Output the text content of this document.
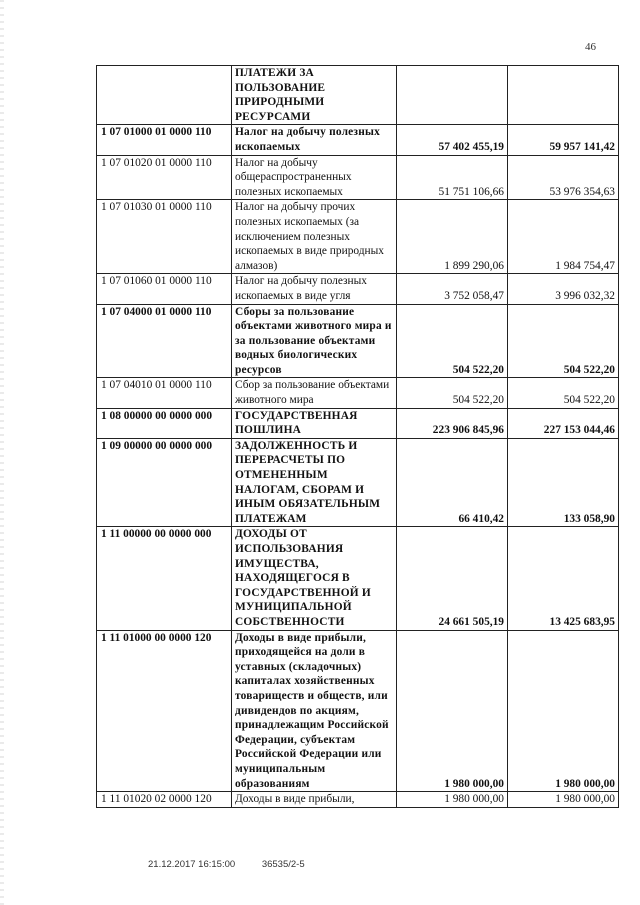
46
	ПЛАТЕЖИ ЗА ПОЛЬЗОВАНИЕ ПРИРОДНЫМИ РЕСУРСАМИ		
1 07 01000 01 0000 110	Налог на добычу полезных ископаемых	57 402 455,19	59 957 141,42
1 07 01020 01 0000 110	Налог на добычу общераспространенных полезных ископаемых	51 751 106,66	53 976 354,63
1 07 01030 01 0000 110	Налог на добычу прочих полезных ископаемых (за исключением полезных ископаемых в виде природных алмазов)	1 899 290,06	1 984 754,47
1 07 01060 01 0000 110	Налог на добычу полезных ископаемых в виде угля	3 752 058,47	3 996 032,32
1 07 04000 01 0000 110	Сборы за пользование объектами животного мира и за пользование объектами водных биологических ресурсов	504 522,20	504 522,20
1 07 04010 01 0000 110	Сбор за пользование объектами животного мира	504 522,20	504 522,20
1 08 00000 00 0000 000	ГОСУДАРСТВЕННАЯ ПОШЛИНА	223 906 845,96	227 153 044,46
1 09 00000 00 0000 000	ЗАДОЛЖЕННОСТЬ И ПЕРЕРАСЧЕТЫ ПО ОТМЕНЕННЫМ НАЛОГАМ, СБОРАМ И ИНЫМ ОБЯЗАТЕЛЬНЫМ ПЛАТЕЖАМ	66 410,42	133 058,90
1 11 00000 00 0000 000	ДОХОДЫ ОТ ИСПОЛЬЗОВАНИЯ ИМУЩЕСТВА, НАХОДЯЩЕГОСЯ В ГОСУДАРСТВЕННОЙ И МУНИЦИПАЛЬНОЙ СОБСТВЕННОСТИ	24 661 505,19	13 425 683,95
1 11 01000 00 0000 120	Доходы в виде прибыли, приходящейся на доли в уставных (складочных) капиталах хозяйственных товариществ и обществ, или дивидендов по акциям, принадлежащим Российской Федерации, субъектам Российской Федерации или муниципальным образованиям	1 980 000,00	1 980 000,00
1 11 01020 02 0000 120	Доходы в виде прибыли,	1 980 000,00	1 980 000,00
21.12.2017 16:15:00	36535/2-5
